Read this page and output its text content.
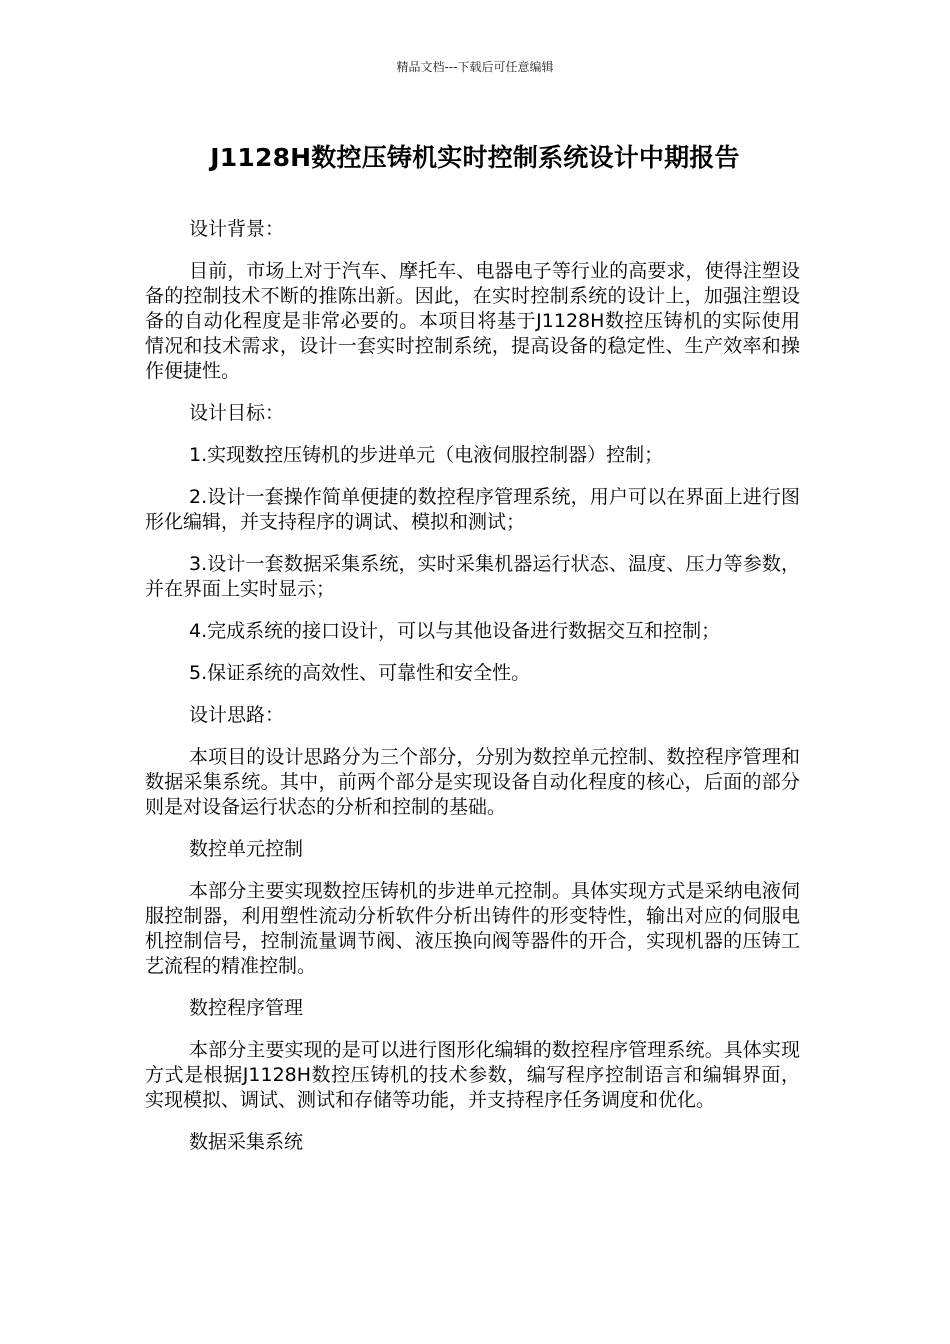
精品文档---下载后可任意编辑
J1128H数控压铸机实时控制系统设计中期报告

设计背景：

目前，市场上对于汽车、摩托车、电器电子等行业的高要求，使得注塑设备的控制技术不断的推陈出新。因此，在实时控制系统的设计上，加强注塑设备的自动化程度是非常必要的。本项目将基于J1128H数控压铸机的实际使用情况和技术需求，设计一套实时控制系统，提高设备的稳定性、生产效率和操作便捷性。

设计目标：

1.实现数控压铸机的步进单元（电液伺服控制器）控制；

2.设计一套操作简单便捷的数控程序管理系统，用户可以在界面上进行图形化编辑，并支持程序的调试、模拟和测试；

3.设计一套数据采集系统，实时采集机器运行状态、温度、压力等参数，并在界面上实时显示；

4.完成系统的接口设计，可以与其他设备进行数据交互和控制；

5.保证系统的高效性、可靠性和安全性。

设计思路：

本项目的设计思路分为三个部分，分别为数控单元控制、数控程序管理和数据采集系统。其中，前两个部分是实现设备自动化程度的核心，后面的部分则是对设备运行状态的分析和控制的基础。

数控单元控制

本部分主要实现数控压铸机的步进单元控制。具体实现方式是采纳电液伺服控制器，利用塑性流动分析软件分析出铸件的形变特性，输出对应的伺服电机控制信号，控制流量调节阀、液压换向阀等器件的开合，实现机器的压铸工艺流程的精准控制。

数控程序管理

本部分主要实现的是可以进行图形化编辑的数控程序管理系统。具体实现方式是根据J1128H数控压铸机的技术参数，编写程序控制语言和编辑界面，实现模拟、调试、测试和存储等功能，并支持程序任务调度和优化。

数据采集系统
